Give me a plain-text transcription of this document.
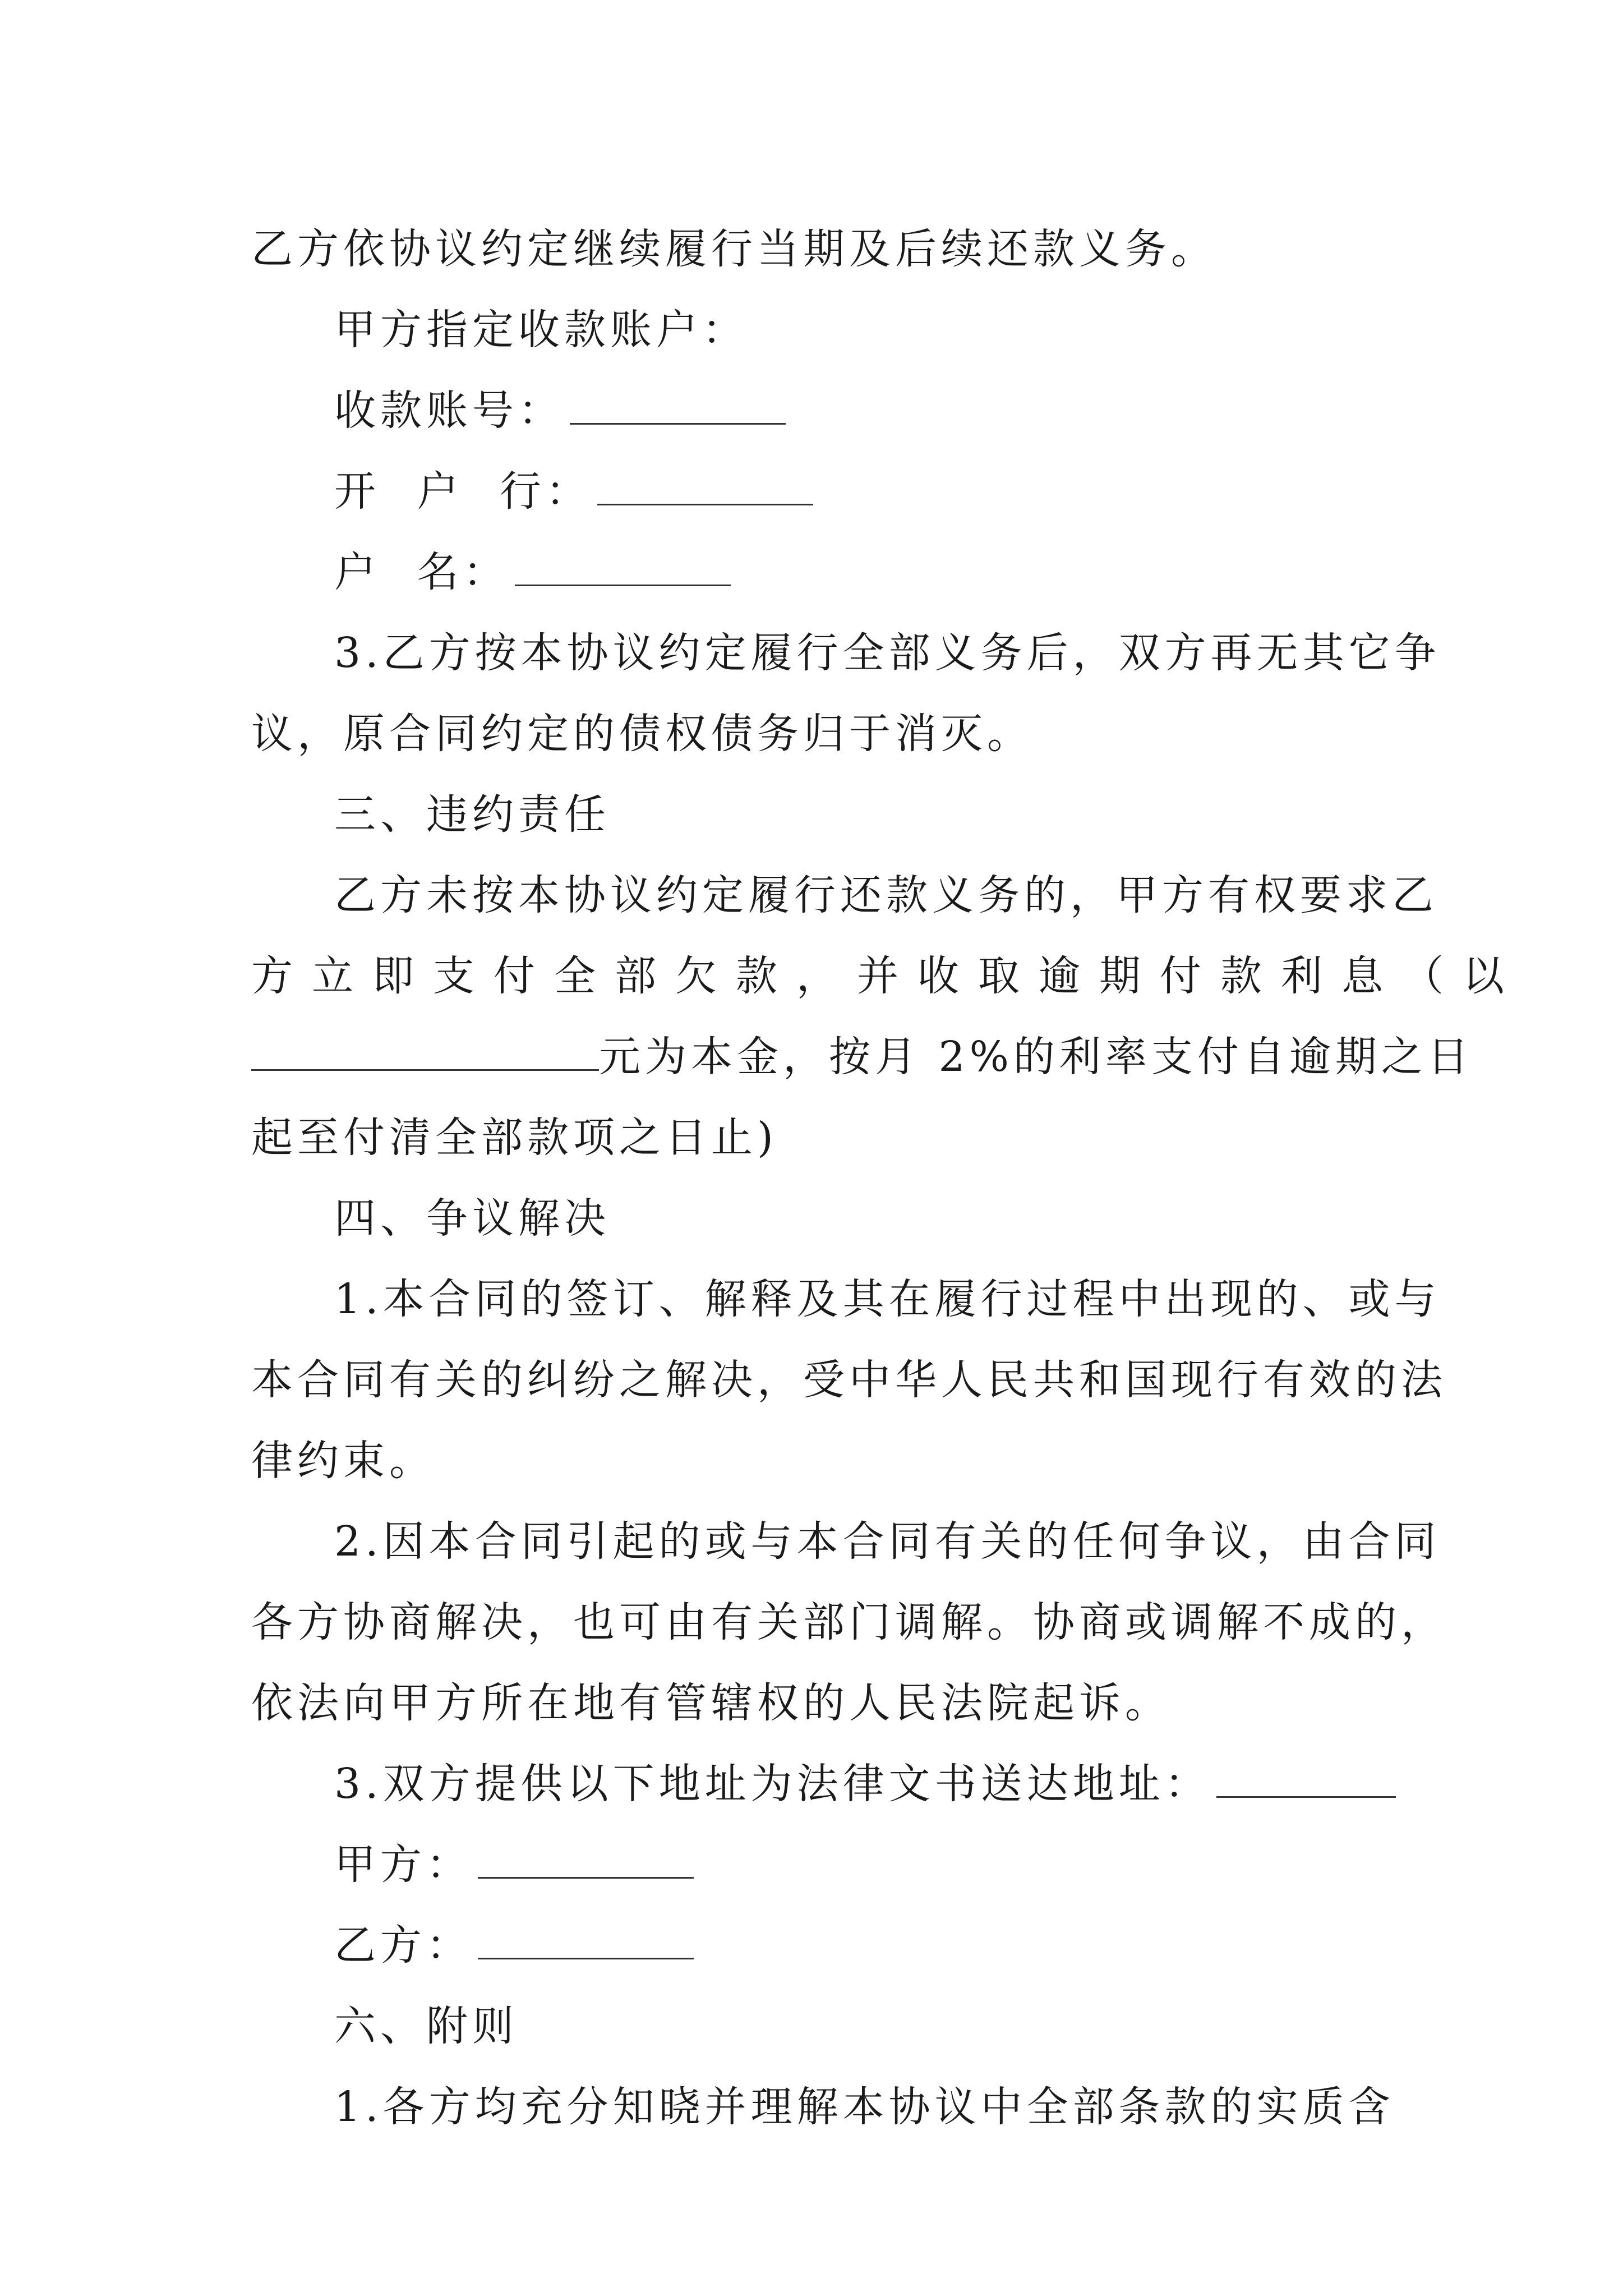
乙方依协议约定继续履行当期及后续还款义务。
甲方指定收款账户：
收款账号：
开 户 行：
户 名：
3.乙方按本协议约定履行全部义务后，双方再无其它争
议，原合同约定的债权债务归于消灭。
三、违约责任
乙方未按本协议约定履行还款义务的，甲方有权要求乙
方立即支付全部欠款，并收取逾期付款利息（以
元为本金，按月 2%的利率支付自逾期之日
起至付清全部款项之日止)
四、争议解决
1.本合同的签订、解释及其在履行过程中出现的、或与
本合同有关的纠纷之解决，受中华人民共和国现行有效的法
律约束。
2.因本合同引起的或与本合同有关的任何争议，由合同
各方协商解决，也可由有关部门调解。协商或调解不成的，
依法向甲方所在地有管辖权的人民法院起诉。
3.双方提供以下地址为法律文书送达地址：
甲方：
乙方：
六、附则
1.各方均充分知晓并理解本协议中全部条款的实质含
